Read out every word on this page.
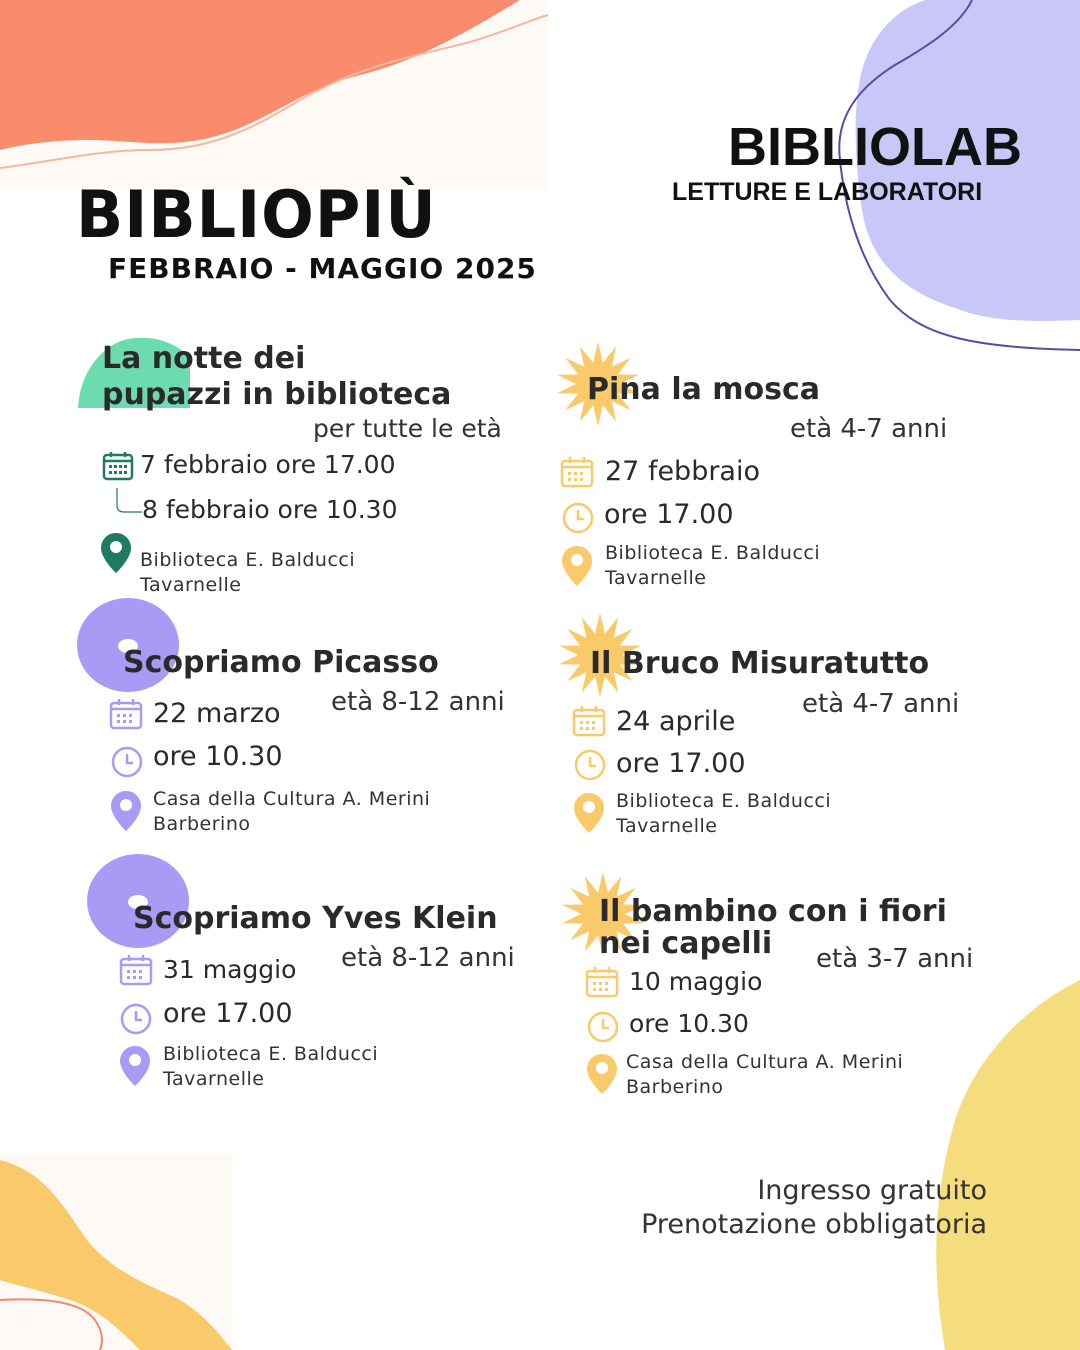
BIBLIOPIÙ
FEBBRAIO - MAGGIO 2025
BIBLIOLAB
LETTURE E LABORATORI
La notte dei
pupazzi in biblioteca
per tutte le età
7 febbraio ore 17.00
8 febbraio ore 10.30
Biblioteca E. Balducci
Tavarnelle
Pina la mosca
età 4-7 anni
27 febbraio
ore 17.00
Biblioteca E. Balducci
Tavarnelle
Scopriamo Picasso
età 8-12 anni
22 marzo
ore 10.30
Casa della Cultura A. Merini
Barberino
Il Bruco Misuratutto
età 4-7 anni
24 aprile
ore 17.00
Biblioteca E. Balducci
Tavarnelle
Scopriamo Yves Klein
età 8-12 anni
31 maggio
ore 17.00
Biblioteca E. Balducci
Tavarnelle
Il bambino con i fiori
nei capelli	età 3-7 anni
10 maggio
ore 10.30
Casa della Cultura A. Merini
Barberino
Ingresso gratuito
Prenotazione obbligatoria
